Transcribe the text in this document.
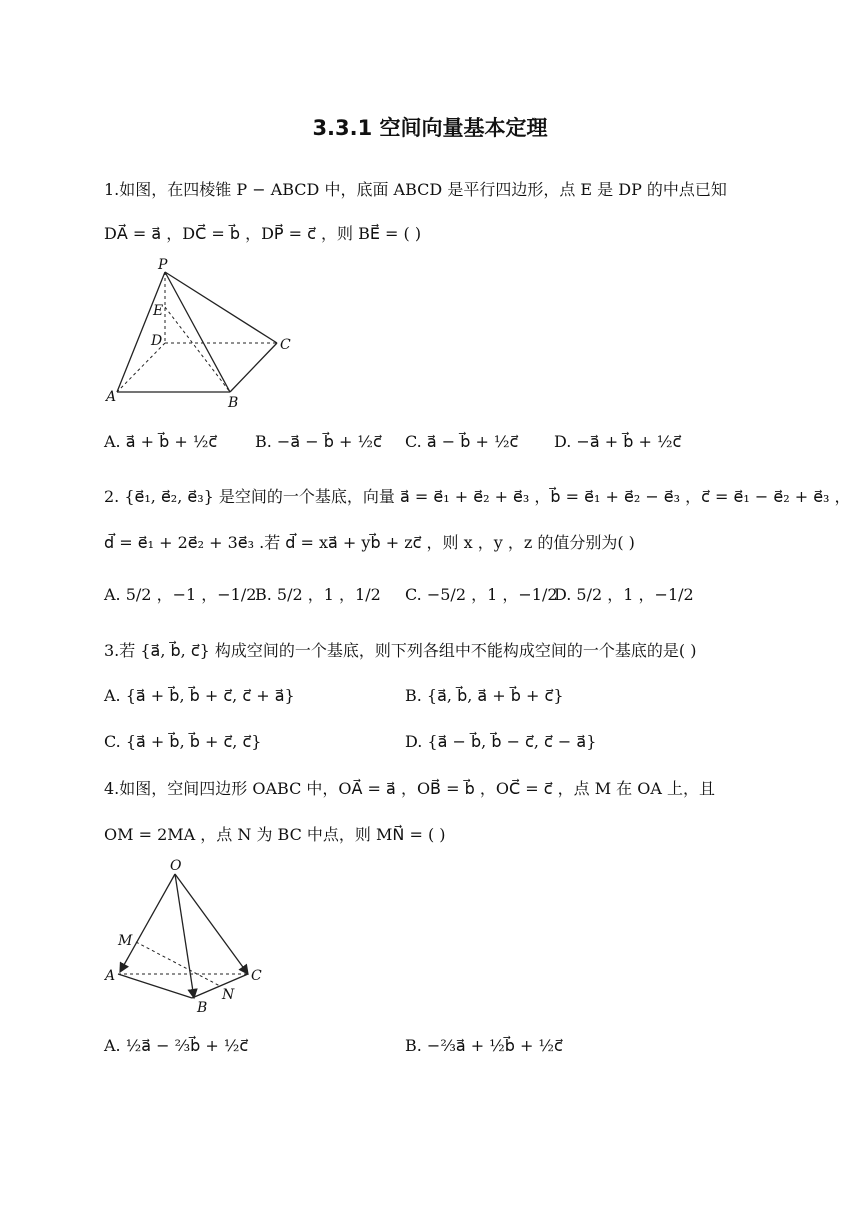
3.3.1 空间向量基本定理
1.如图，在四棱锥 P − ABCD 中，底面 ABCD 是平行四边形，点 E 是 DP 的中点已知
DA⃗ = a⃗ ，DC⃗ = b⃗ ，DP⃗ = c⃗ ，则 BE⃗ = ( )
P
E
D	C
A	B
A. a⃗ + b⃗ + ½c⃗ B. −a⃗ − b⃗ + ½c⃗ C. a⃗ − b⃗ + ½c⃗ D. −a⃗ + b⃗ + ½c⃗
2. {e⃗₁, e⃗₂, e⃗₃} 是空间的一个基底，向量 a⃗ = e⃗₁ + e⃗₂ + e⃗₃ ，b⃗ = e⃗₁ + e⃗₂ − e⃗₃ ，c⃗ = e⃗₁ − e⃗₂ + e⃗₃ ，
d⃗ = e⃗₁ + 2e⃗₂ + 3e⃗₃ .若 d⃗ = xa⃗ + yb⃗ + zc⃗ ，则 x ，y ，z 的值分别为( )
A. 5/2 ，−1 ，−1/2
B. 5/2 ，1 ，1/2 C. −5/2 ，1 ，−1/2
D. 5/2 ，1 ，−1/2
3.若 {a⃗, b⃗, c⃗} 构成空间的一个基底，则下列各组中不能构成空间的一个基底的是( )
A. {a⃗ + b⃗, b⃗ + c⃗, c⃗ + a⃗}	B. {a⃗, b⃗, a⃗ + b⃗ + c⃗}
C. {a⃗ + b⃗, b⃗ + c⃗, c⃗}	D. {a⃗ − b⃗, b⃗ − c⃗, c⃗ − a⃗}
4.如图，空间四边形 OABC 中，OA⃗ = a⃗ ，OB⃗ = b⃗ ，OC⃗ = c⃗ ，点 M 在 OA 上，且
OM = 2MA ，点 N 为 BC 中点，则 MN⃗ = ( )
O
M
A	C
B
N
A. ½a⃗ − ⅔b⃗ + ½c⃗	B. −⅔a⃗ + ½b⃗ + ½c⃗
